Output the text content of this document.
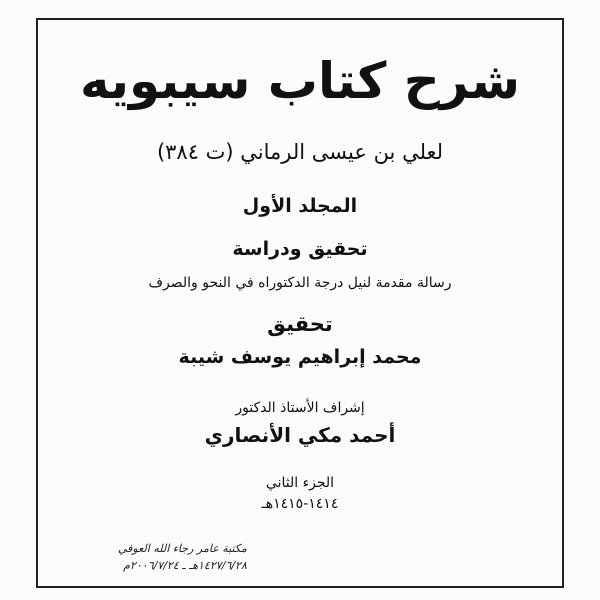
شرح كتاب سيبويه
لعلي بن عيسى الرماني (ت ٣٨٤)
المجلد الأول
تحقيق ودراسة
رسالة مقدمة لنيل درجة الدكتوراه في النحو والصرف
تحقيق
محمد إبراهيم يوسف شيبة
إشراف الأستاذ الدكتور
أحمد مكي الأنصاري
الجزء الثاني
١٤١٤-١٤١٥هـ
مكتبة عامر رجاء الله العوفي
١٤٢٧/٦/٢٨هـ ـ ٢٠٠٦/٧/٢٤م
